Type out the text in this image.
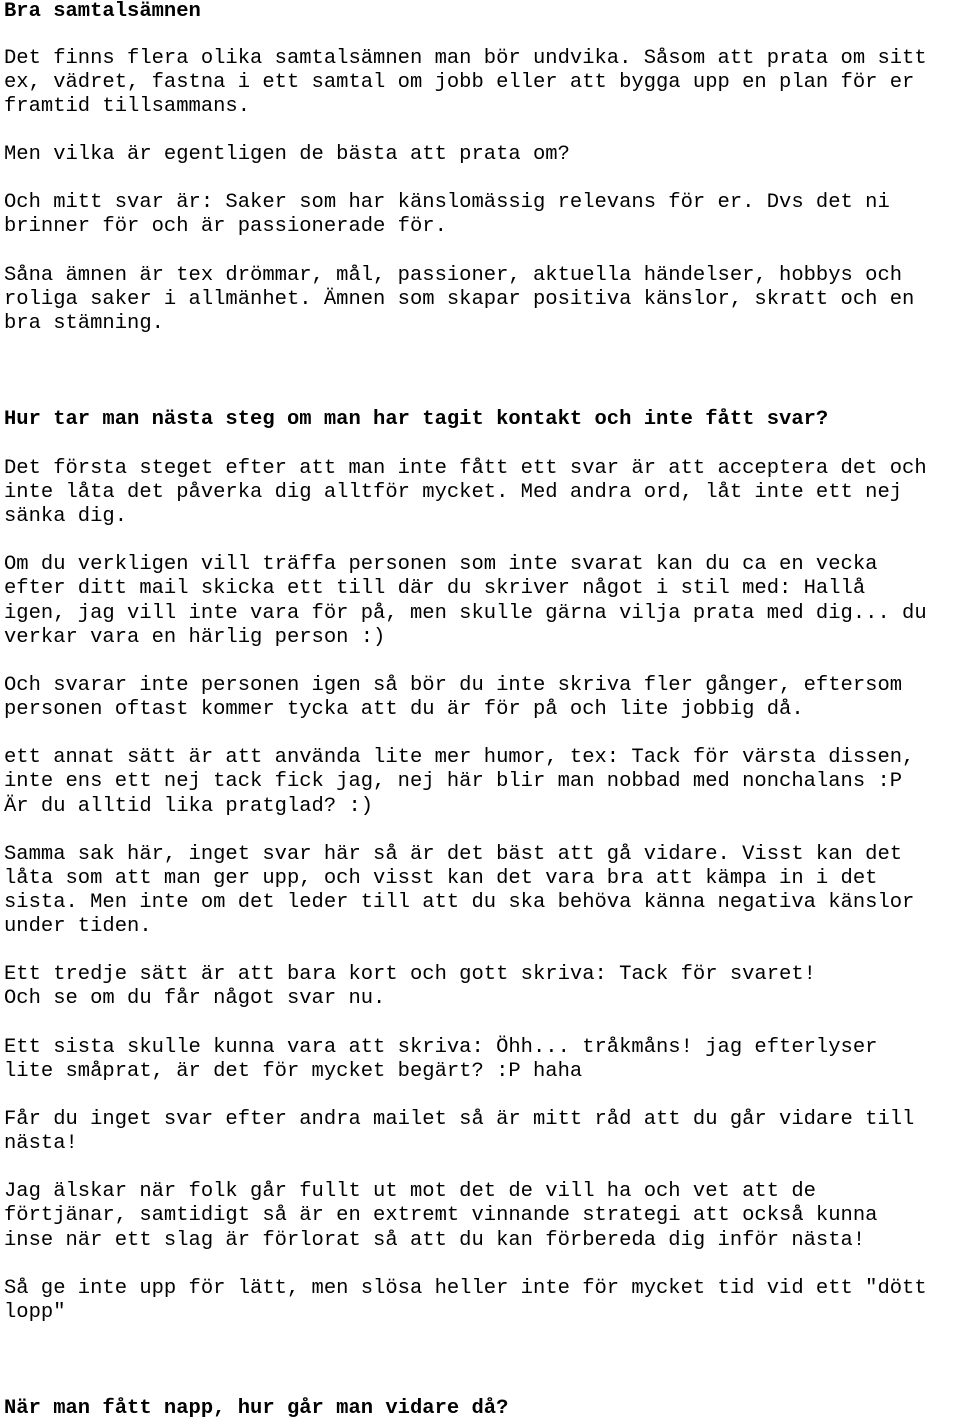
Bra samtalsämnen
Det finns flera olika samtalsämnen man bör undvika. Såsom att prata om sitt
ex, vädret, fastna i ett samtal om jobb eller att bygga upp en plan för er
framtid tillsammans.
Men vilka är egentligen de bästa att prata om?
Och mitt svar är: Saker som har känslomässig relevans för er. Dvs det ni
brinner för och är passionerade för.
Såna ämnen är tex drömmar, mål, passioner, aktuella händelser, hobbys och
roliga saker i allmänhet. Ämnen som skapar positiva känslor, skratt och en
bra stämning.
Hur tar man nästa steg om man har tagit kontakt och inte fått svar?
Det första steget efter att man inte fått ett svar är att acceptera det och
inte låta det påverka dig alltför mycket. Med andra ord, låt inte ett nej
sänka dig.
Om du verkligen vill träffa personen som inte svarat kan du ca en vecka
efter ditt mail skicka ett till där du skriver något i stil med: Hallå
igen, jag vill inte vara för på, men skulle gärna vilja prata med dig... du
verkar vara en härlig person :)
Och svarar inte personen igen så bör du inte skriva fler gånger, eftersom
personen oftast kommer tycka att du är för på och lite jobbig då.
ett annat sätt är att använda lite mer humor, tex: Tack för värsta dissen,
inte ens ett nej tack fick jag, nej här blir man nobbad med nonchalans :P
Är du alltid lika pratglad? :)
Samma sak här, inget svar här så är det bäst att gå vidare. Visst kan det
låta som att man ger upp, och visst kan det vara bra att kämpa in i det
sista. Men inte om det leder till att du ska behöva känna negativa känslor
under tiden.
Ett tredje sätt är att bara kort och gott skriva: Tack för svaret!
Och se om du får något svar nu.
Ett sista skulle kunna vara att skriva: Öhh... tråkmåns! jag efterlyser
lite småprat, är det för mycket begärt? :P haha
Får du inget svar efter andra mailet så är mitt råd att du går vidare till
nästa!
Jag älskar när folk går fullt ut mot det de vill ha och vet att de
förtjänar, samtidigt så är en extremt vinnande strategi att också kunna
inse när ett slag är förlorat så att du kan förbereda dig inför nästa!
Så ge inte upp för lätt, men slösa heller inte för mycket tid vid ett "dött
lopp"
När man fått napp, hur går man vidare då?
